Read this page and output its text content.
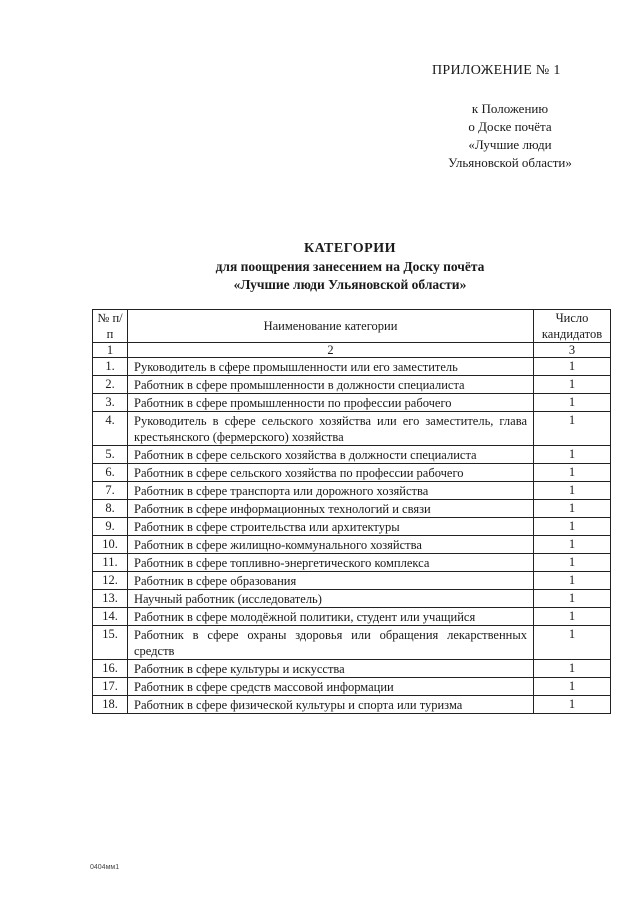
ПРИЛОЖЕНИЕ № 1
к Положению
о Доске почёта
«Лучшие люди
Ульяновской области»
КАТЕГОРИИ
для поощрения занесением на Доску почёта
«Лучшие люди Ульяновской области»
№ п/п	Наименование категории	Число кандидатов
1	2	3
1.	Руководитель в сфере промышленности или его заместитель	1
2.	Работник в сфере промышленности в должности специалиста	1
3.	Работник в сфере промышленности по профессии рабочего	1
4.	Руководитель в сфере сельского хозяйства или его заместитель, глава крестьянского (фермерского) хозяйства	1
5.	Работник в сфере сельского хозяйства в должности специалиста	1
6.	Работник в сфере сельского хозяйства по профессии рабочего	1
7.	Работник в сфере транспорта или дорожного хозяйства	1
8.	Работник в сфере информационных технологий и связи	1
9.	Работник в сфере строительства или архитектуры	1
10.	Работник в сфере жилищно-коммунального хозяйства	1
11.	Работник в сфере топливно-энергетического комплекса	1
12.	Работник в сфере образования	1
13.	Научный работник (исследователь)	1
14.	Работник в сфере молодёжной политики, студент или учащийся	1
15.	Работник в сфере охраны здоровья или обращения лекарственных средств	1
16.	Работник в сфере культуры и искусства	1
17.	Работник в сфере средств массовой информации	1
18.	Работник в сфере физической культуры и спорта или туризма	1
0404мм1
